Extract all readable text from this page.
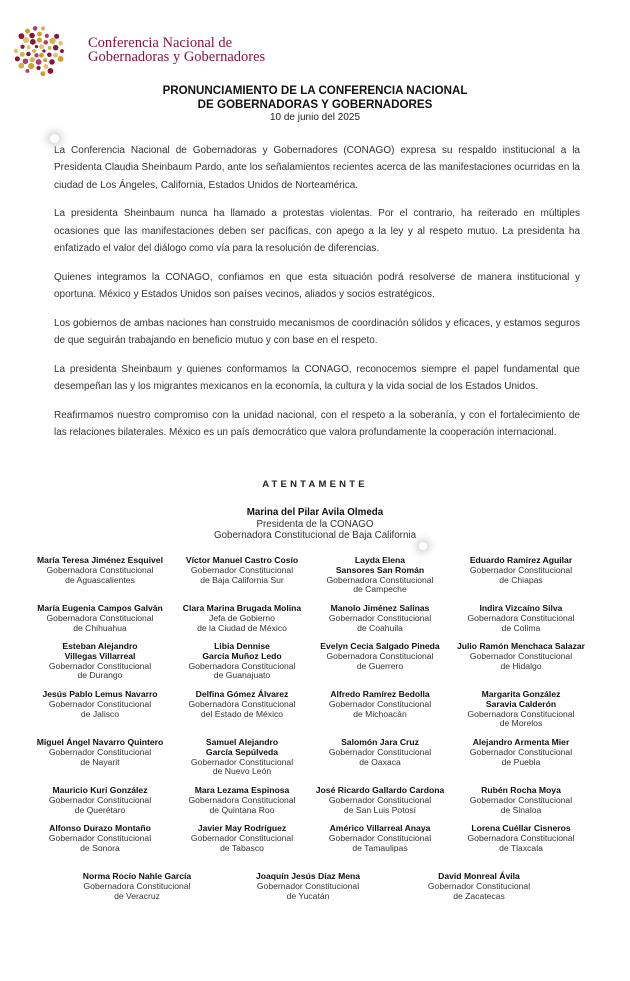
Conferencia Nacional de
Gobernadoras y Gobernadores
PRONUNCIAMIENTO DE LA CONFERENCIA NACIONAL
DE GOBERNADORAS Y GOBERNADORES
10 de junio del 2025

La Conferencia Nacional de Gobernadoras y Gobernadores (CONAGO) expresa su respaldo institucional a la Presidenta Claudia Sheinbaum Pardo, ante los señalamientos recientes acerca de las manifestaciones ocurridas en la ciudad de Los Ángeles, California, Estados Unidos de Norteamérica.

La presidenta Sheinbaum nunca ha llamado a protestas violentas. Por el contrario, ha reiterado en múltiples ocasiones que las manifestaciones deben ser pacíficas, con apego a la ley y al respeto mutuo. La presidenta ha enfatizado el valor del diálogo como vía para la resolución de diferencias.

Quienes integramos la CONAGO, confiamos en que esta situación podrá resolverse de manera institucional y oportuna. México y Estados Unidos son países vecinos, aliados y socios estratégicos.

Los gobiernos de ambas naciones han construido mecanismos de coordinación sólidos y eficaces, y estamos seguros de que seguirán trabajando en beneficio mutuo y con base en el respeto.

La presidenta Sheinbaum y quienes conformamos la CONAGO, reconocemos siempre el papel fundamental que desempeñan las y los migrantes mexicanos en la economía, la cultura y la vida social de los Estados Unidos.

Reafirmamos nuestro compromiso con la unidad nacional, con el respeto a la soberanía, y con el fortalecimiento de las relaciones bilaterales. México es un país democrático que valora profundamente la cooperación internacional.

ATENTAMENTE
Marina del Pilar Avila Olmeda
Presidenta de la CONAGO
Gobernadora Constitucional de Baja California
María Teresa Jiménez Esquivel
Gobernadora Constitucional
de Aguascalientes
Víctor Manuel Castro Cosío
Gobernador Constitucional
de Baja California Sur
Layda Elena
Sansores San Román
Gobernadora Constitucional
de Campeche
Eduardo Ramírez Aguilar
Gobernador Constitucional
de Chiapas
María Eugenia Campos Galván
Gobernadora Constitucional
de Chihuahua
Clara Marina Brugada Molina
Jefa de Gobierno
de la Ciudad de México
Manolo Jiménez Salinas
Gobernador Constitucional
de Coahuila
Indira Vizcaíno Silva
Gobernadora Constitucional
de Colima
Esteban Alejandro
Villegas Villarreal
Gobernador Constitucional
de Durango
Libia Dennise
García Muñoz Ledo
Gobernadora Constitucional
de Guanajuato
Evelyn Cecia Salgado Pineda
Gobernadora Constitucional
de Guerrero
Julio Ramón Menchaca Salazar
Gobernador Constitucional
de Hidalgo
Jesús Pablo Lemus Navarro
Gobernador Constitucional
de Jalisco
Delfina Gómez Álvarez
Gobernadora Constitucional
del Estado de México
Alfredo Ramírez Bedolla
Gobernador Constitucional
de Michoacán
Margarita González
Saravia Calderón
Gobernadora Constitucional
de Morelos
Miguel Ángel Navarro Quintero
Gobernador Constitucional
de Nayarit
Samuel Alejandro
García Sepúlveda
Gobernador Constitucional
de Nuevo León
Salomón Jara Cruz
Gobernador Constitucional
de Oaxaca
Alejandro Armenta Mier
Gobernador Constitucional
de Puebla
Mauricio Kuri González
Gobernador Constitucional
de Querétaro
Mara Lezama Espinosa
Gobernadora Constitucional
de Quintana Roo
José Ricardo Gallardo Cardona
Gobernador Constitucional
de San Luis Potosí
Rubén Rocha Moya
Gobernador Constitucional
de Sinaloa
Alfonso Durazo Montaño
Gobernador Constitucional
de Sonora
Javier May Rodríguez
Gobernador Constitucional
de Tabasco
Américo Villarreal Anaya
Gobernador Constitucional
de Tamaulipas
Lorena Cuéllar Cisneros
Gobernadora Constitucional
de Tlaxcala
Norma Rocío Nahle García
Gobernadora Constitucional
de Veracruz
Joaquín Jesús Díaz Mena
Gobernador Constitucional
de Yucatán
David Monreal Ávila
Gobernador Constitucional
de Zacatecas
